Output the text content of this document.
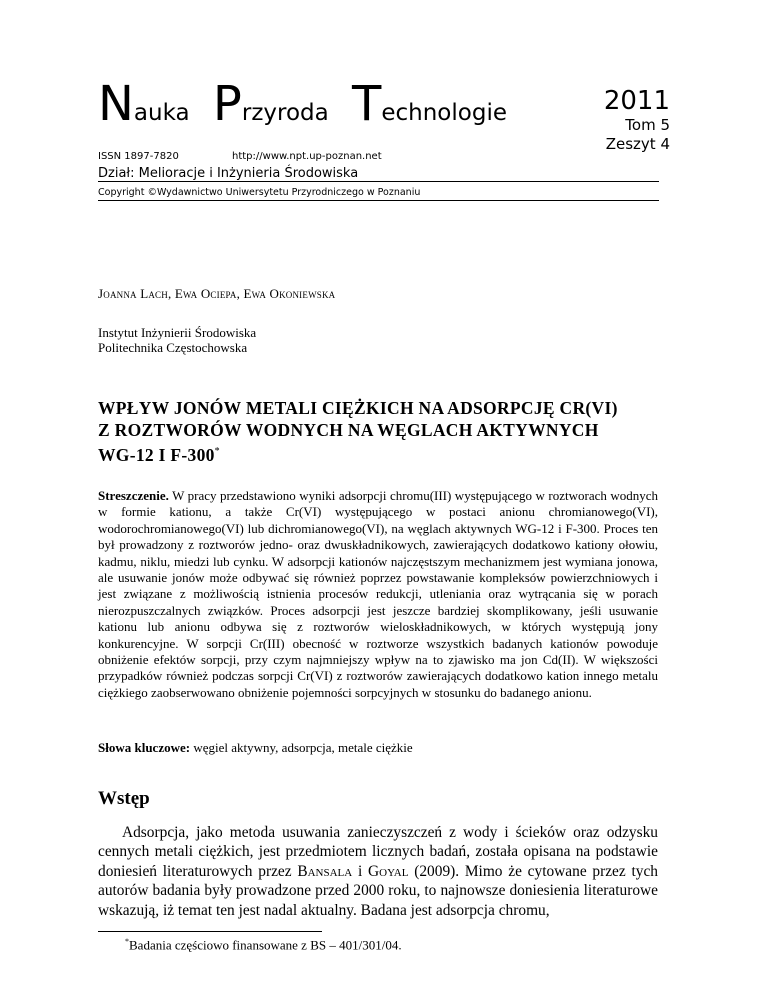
Nauka Przyroda Technologie	2011
Tom 5
Zeszyt 4
ISSN 1897-7820	http://www.npt.up-poznan.net
Dział: Melioracje i Inżynieria Środowiska
Copyright ©Wydawnictwo Uniwersytetu Przyrodniczego w Poznaniu
Joanna Lach, Ewa Ociepa, Ewa Okoniewska
Instytut Inżynierii Środowiska
Politechnika Częstochowska
WPŁYW JONÓW METALI CIĘŻKICH NA ADSORPCJĘ CR(VI)
Z ROZTWORÓW WODNYCH NA WĘGLACH AKTYWNYCH
WG-12 I F-300*
Streszczenie. W pracy przedstawiono wyniki adsorpcji chromu(III) występującego w roztworach wodnych w formie kationu, a także Cr(VI) występującego w postaci anionu chromianowego(VI), wodorochromianowego(VI) lub dichromianowego(VI), na węglach aktywnych WG-12 i F-300. Proces ten był prowadzony z roztworów jedno- oraz dwuskładnikowych, zawierających dodatkowo kationy ołowiu, kadmu, niklu, miedzi lub cynku. W adsorpcji kationów najczęstszym mechanizmem jest wymiana jonowa, ale usuwanie jonów może odbywać się również poprzez powstawanie kompleksów powierzchniowych i jest związane z możliwością istnienia procesów redukcji, utleniania oraz wytrącania się w porach nierozpuszczalnych związków. Proces adsorpcji jest jeszcze bardziej skomplikowany, jeśli usuwanie kationu lub anionu odbywa się z roztworów wieloskładnikowych, w których występują jony konkurencyjne. W sorpcji Cr(III) obecność w roztworze wszystkich badanych kationów powoduje obniżenie efektów sorpcji, przy czym najmniejszy wpływ na to zjawisko ma jon Cd(II). W większości przypadków również podczas sorpcji Cr(VI) z roztworów zawierających dodatkowo kation innego metalu ciężkiego zaobserwowano obniżenie pojemności sorpcyjnych w stosunku do badanego anionu.
Słowa kluczowe: węgiel aktywny, adsorpcja, metale ciężkie
Wstęp
Adsorpcja, jako metoda usuwania zanieczyszczeń z wody i ścieków oraz odzysku cennych metali ciężkich, jest przedmiotem licznych badań, została opisana na podstawie doniesień literaturowych przez Bansala i Goyal (2009). Mimo że cytowane przez tych autorów badania były prowadzone przed 2000 roku, to najnowsze doniesienia literaturowe wskazują, iż temat ten jest nadal aktualny. Badana jest adsorpcja chromu,
*Badania częściowo finansowane z BS – 401/301/04.
